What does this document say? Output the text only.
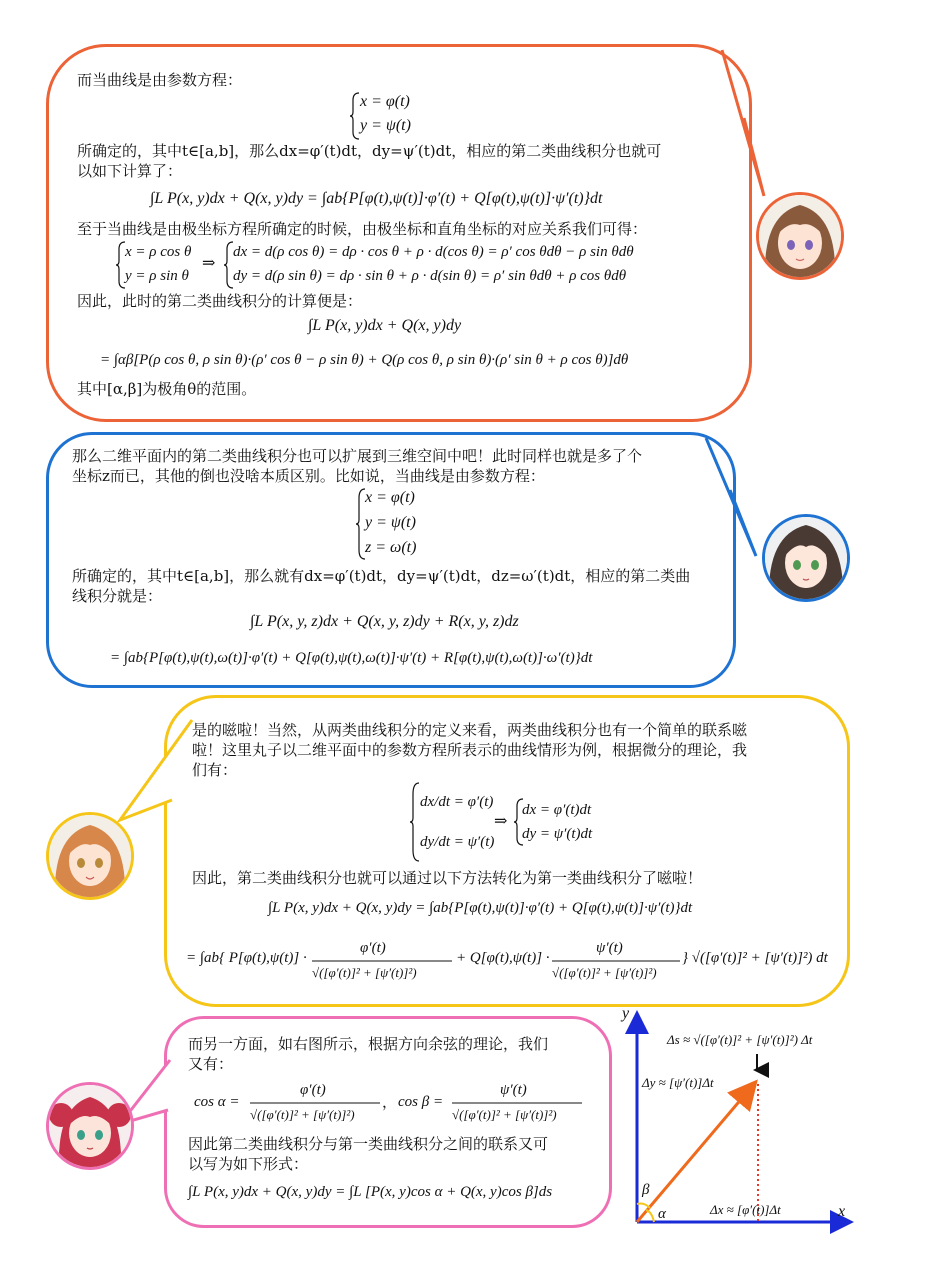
而当曲线是由参数方程：
x = φ(t)
y = ψ(t)
所确定的，其中t∈[a,b]，那么dx=φ′(t)dt，dy=ψ′(t)dt，相应的第二类曲线积分也就可
以如下计算了：
∫L P(x, y)dx + Q(x, y)dy = ∫ab{P[φ(t),ψ(t)]·φ′(t) + Q[φ(t),ψ(t)]·ψ′(t)}dt
至于当曲线是由极坐标方程所确定的时候，由极坐标和直角坐标的对应关系我们可得：
x = ρ cos θ
y = ρ sin θ
⇒
dx = d(ρ cos θ) = dρ · cos θ + ρ · d(cos θ) = ρ′ cos θdθ − ρ sin θdθ
dy = d(ρ sin θ) = dρ · sin θ + ρ · d(sin θ) = ρ′ sin θdθ + ρ cos θdθ
因此，此时的第二类曲线积分的计算便是：
∫L P(x, y)dx + Q(x, y)dy
= ∫αβ[P(ρ cos θ, ρ sin θ)·(ρ′ cos θ − ρ sin θ) + Q(ρ cos θ, ρ sin θ)·(ρ′ sin θ + ρ cos θ)]dθ
其中[α,β]为极角θ的范围。
那么二维平面内的第二类曲线积分也可以扩展到三维空间中吧！此时同样也就是多了个
坐标z而已，其他的倒也没啥本质区别。比如说，当曲线是由参数方程：
x = φ(t)
y = ψ(t)
z = ω(t)
所确定的，其中t∈[a,b]，那么就有dx=φ′(t)dt，dy=ψ′(t)dt，dz=ω′(t)dt，相应的第二类曲
线积分就是：
∫L P(x, y, z)dx + Q(x, y, z)dy + R(x, y, z)dz
= ∫ab{P[φ(t),ψ(t),ω(t)]·φ′(t) + Q[φ(t),ψ(t),ω(t)]·ψ′(t) + R[φ(t),ψ(t),ω(t)]·ω′(t)}dt
是的嗞啦！当然，从两类曲线积分的定义来看，两类曲线积分也有一个简单的联系嗞
啦！这里丸子以二维平面中的参数方程所表示的曲线情形为例，根据微分的理论，我
们有：
dx/dt = φ′(t)
dy/dt = ψ′(t)
⇒
dx = φ′(t)dt
dy = ψ′(t)dt
因此，第二类曲线积分也就可以通过以下方法转化为第一类曲线积分了嗞啦！
∫L P(x, y)dx + Q(x, y)dy = ∫ab{P[φ(t),ψ(t)]·φ′(t) + Q[φ(t),ψ(t)]·ψ′(t)}dt
= ∫ab{ P[φ(t),ψ(t)] ·
φ′(t)
√([φ′(t)]² + [ψ′(t)]²)
+ Q[φ(t),ψ(t)] ·
ψ′(t)
√([φ′(t)]² + [ψ′(t)]²)
} √([φ′(t)]² + [ψ′(t)]²) dt
而另一方面，如右图所示，根据方向余弦的理论，我们
又有：
cos α =
φ′(t)
√([φ′(t)]² + [ψ′(t)]²)
， cos β =
ψ′(t)
√([φ′(t)]² + [ψ′(t)]²)
因此第二类曲线积分与第一类曲线积分之间的联系又可
以写为如下形式：
∫L P(x, y)dx + Q(x, y)dy = ∫L [P(x, y)cos α + Q(x, y)cos β]ds
y
x
Δs ≈ √([φ′(t)]² + [ψ′(t)]²) Δt
Δy ≈ [ψ′(t)]Δt
Δx ≈ [φ′(t)]Δt
β
α
